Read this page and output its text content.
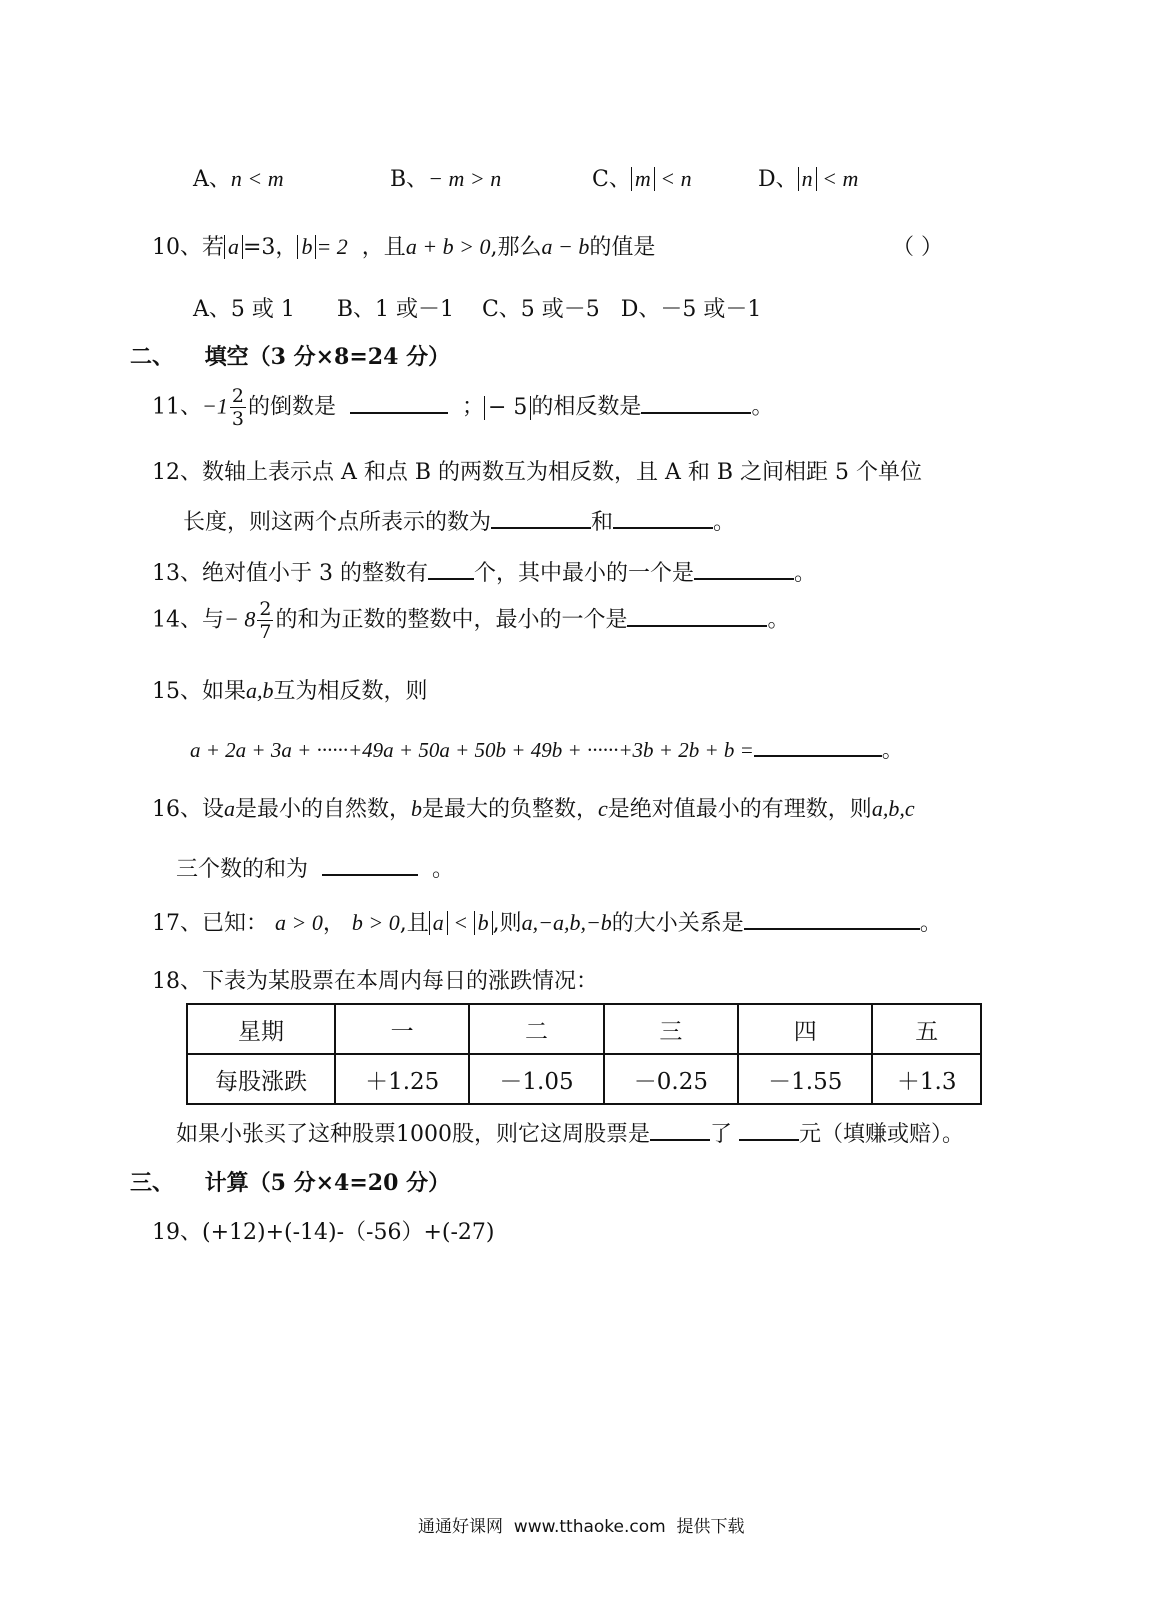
A、n < m	B、− m > n	C、 m < n	D、 n < m
10、若 a =3， b = 2 ，且a + b > 0,那么a − b的值是	（ ）
A、5 或 1      B、1 或－1    C、5 或－5   D、－5 或－1
二、 填空（3 分×8=24 分）
11、$-1 \frac{2}{3}$ 的倒数是	； − 5 的相反数是	。
12、数轴上表示点 A 和点 B 的两数互为相反数，且 A 和 B 之间相距 5 个单位
长度，则这两个点所表示的数为	和	。
13、绝对值小于 3 的整数有 个，其中最小的一个是	。
14、与− $8 \frac{2}{7}$ 的和为正数的整数中，最小的一个是	。
15、如果a,b互为相反数，则
a + 2a + 3a + ······+49a + 50a + 50b + 49b + ······+3b + 2b + b =	。
16、设a是最小的自然数，b是最大的负整数，c是绝对值最小的有理数，则a,b,c
三个数的和为	。
17、已知： a > 0， b > 0,且 a < b ,则a,−a,b,−b的大小关系是	。
18、下表为某股票在本周内每日的涨跌情况：
星期	一	二	三	四	五
每股涨跌	＋1.25	－1.05	－0.25	－1.55	＋1.3
如果小张买了这种股票1000股，则它这周股票是	了	元（填赚或赔）。
三、 计算（5 分×4=20 分）
19、(+12)+(-14)-（-56）+(-27)
通通好课网  www.tthaoke.com  提供下载
